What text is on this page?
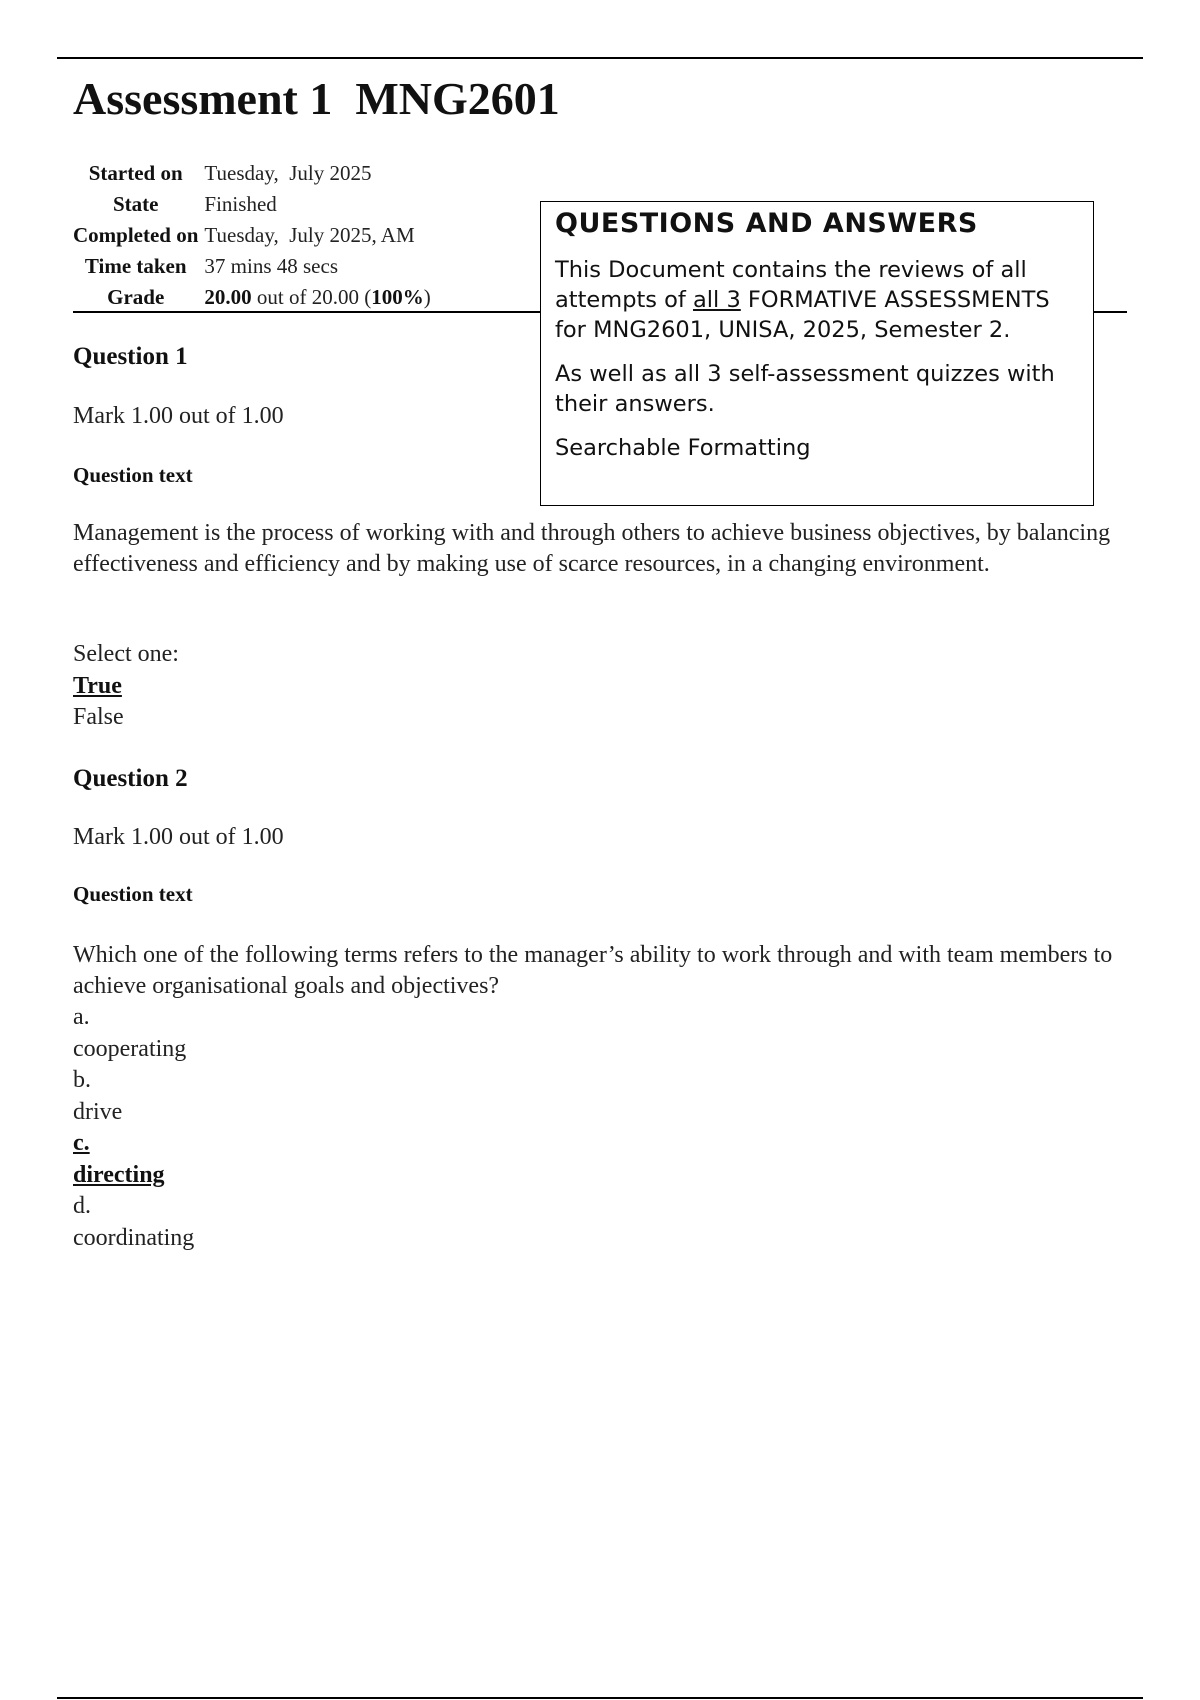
Assessment 1  MNG2601
Started on	Tuesday,  July 2025
State	Finished
Completed on	Tuesday,  July 2025, AM
Time taken	37 mins 48 secs
Grade	20.00 out of 20.00 (100%)
QUESTIONS AND ANSWERS

This Document contains the reviews of all attempts of all 3 FORMATIVE ASSESSMENTS for MNG2601, UNISA, 2025, Semester 2.

As well as all 3 self-assessment quizzes with their answers.

Searchable Formatting

Question 1

Mark 1.00 out of 1.00

Question text

Management is the process of working with and through others to achieve business objectives, by balancing effectiveness and efficiency and by making use of scarce resources, in a changing environment.

Select one:

True

False

Question 2

Mark 1.00 out of 1.00

Question text

Which one of the following terms refers to the manager’s ability to work through and with team members to achieve organisational goals and objectives?

a.

cooperating

b.

drive

c.

directing

d.

coordinating
